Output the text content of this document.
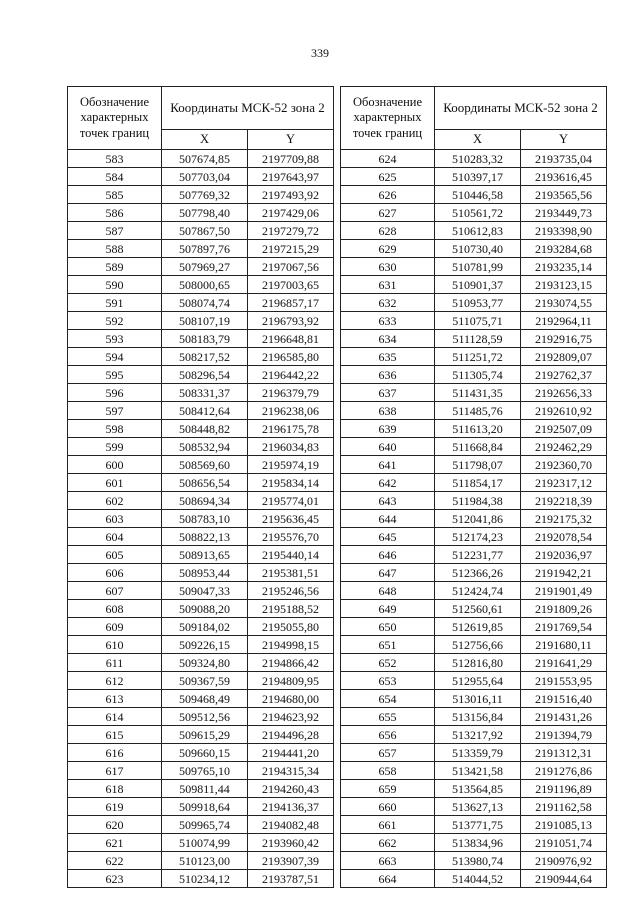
339
Обозначение характерных точек границ	Координаты МСК-52 зона 2	
	X	Y
583	507674,85	2197709,88
584	507703,04	2197643,97
585	507769,32	2197493,92
586	507798,40	2197429,06
587	507867,50	2197279,72
588	507897,76	2197215,29
589	507969,27	2197067,56
590	508000,65	2197003,65
591	508074,74	2196857,17
592	508107,19	2196793,92
593	508183,79	2196648,81
594	508217,52	2196585,80
595	508296,54	2196442,22
596	508331,37	2196379,79
597	508412,64	2196238,06
598	508448,82	2196175,78
599	508532,94	2196034,83
600	508569,60	2195974,19
601	508656,54	2195834,14
602	508694,34	2195774,01
603	508783,10	2195636,45
604	508822,13	2195576,70
605	508913,65	2195440,14
606	508953,44	2195381,51
607	509047,33	2195246,56
608	509088,20	2195188,52
609	509184,02	2195055,80
610	509226,15	2194998,15
611	509324,80	2194866,42
612	509367,59	2194809,95
613	509468,49	2194680,00
614	509512,56	2194623,92
615	509615,29	2194496,28
616	509660,15	2194441,20
617	509765,10	2194315,34
618	509811,44	2194260,43
619	509918,64	2194136,37
620	509965,74	2194082,48
621	510074,99	2193960,42
622	510123,00	2193907,39
623	510234,12	2193787,51
Обозначение характерных точек границ	Координаты МСК-52 зона 2	
	X	Y
624	510283,32	2193735,04
625	510397,17	2193616,45
626	510446,58	2193565,56
627	510561,72	2193449,73
628	510612,83	2193398,90
629	510730,40	2193284,68
630	510781,99	2193235,14
631	510901,37	2193123,15
632	510953,77	2193074,55
633	511075,71	2192964,11
634	511128,59	2192916,75
635	511251,72	2192809,07
636	511305,74	2192762,37
637	511431,35	2192656,33
638	511485,76	2192610,92
639	511613,20	2192507,09
640	511668,84	2192462,29
641	511798,07	2192360,70
642	511854,17	2192317,12
643	511984,38	2192218,39
644	512041,86	2192175,32
645	512174,23	2192078,54
646	512231,77	2192036,97
647	512366,26	2191942,21
648	512424,74	2191901,49
649	512560,61	2191809,26
650	512619,85	2191769,54
651	512756,66	2191680,11
652	512816,80	2191641,29
653	512955,64	2191553,95
654	513016,11	2191516,40
655	513156,84	2191431,26
656	513217,92	2191394,79
657	513359,79	2191312,31
658	513421,58	2191276,86
659	513564,85	2191196,89
660	513627,13	2191162,58
661	513771,75	2191085,13
662	513834,96	2191051,74
663	513980,74	2190976,92
664	514044,52	2190944,64
